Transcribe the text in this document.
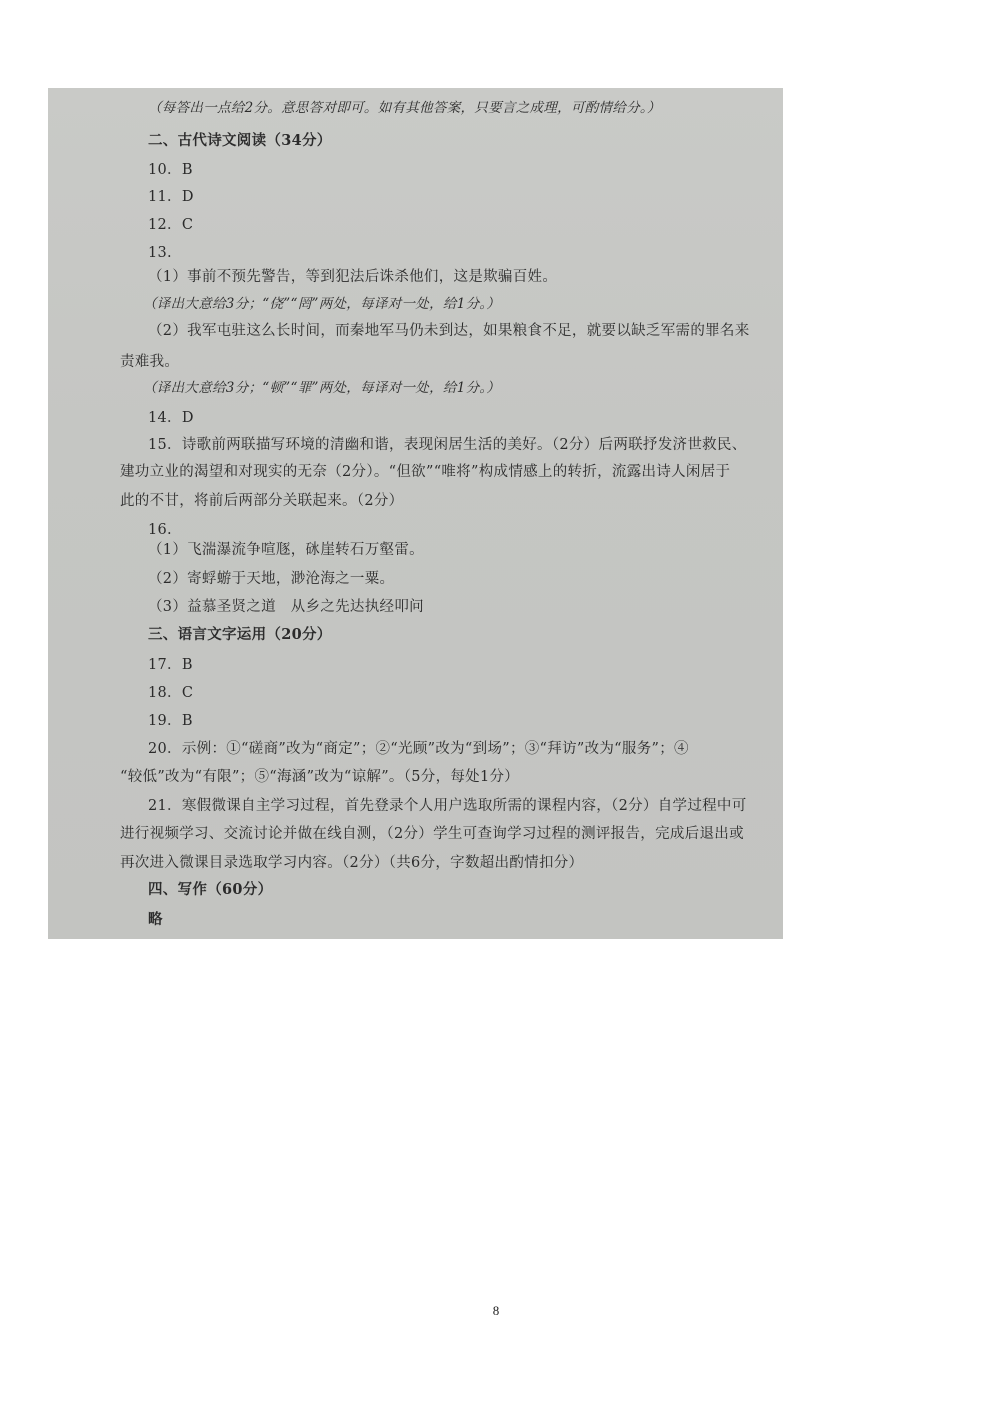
（每答出一点给2分。意思答对即可。如有其他答案，只要言之成理，可酌情给分。）
二、古代诗文阅读（34分）
10．B
11．D
12．C
13.
（1）事前不预先警告，等到犯法后诛杀他们，这是欺骗百姓。
（译出大意给3分；“侥”“罔”两处，每译对一处，给1分。）
（2）我军屯驻这么长时间，而秦地军马仍未到达，如果粮食不足，就要以缺乏军需的罪名来
责难我。
（译出大意给3分；“顿”“罪”两处，每译对一处，给1分。）
14．D
15．诗歌前两联描写环境的清幽和谐，表现闲居生活的美好。（2分）后两联抒发济世救民、
建功立业的渴望和对现实的无奈（2分）。“但欲”“唯将”构成情感上的转折，流露出诗人闲居于
此的不甘，将前后两部分关联起来。（2分）
16.
（1）飞湍瀑流争喧豗，砯崖转石万壑雷。
（2）寄蜉蝣于天地，渺沧海之一粟。
（3）益慕圣贤之道　从乡之先达执经叩问
三、语言文字运用（20分）
17．B
18．C
19．B
20．示例：①“磋商”改为“商定”；②“光顾”改为“到场”；③“拜访”改为“服务”；④
“较低”改为“有限”；⑤“海涵”改为“谅解”。（5分，每处1分）
21．寒假微课自主学习过程，首先登录个人用户选取所需的课程内容，（2分）自学过程中可
进行视频学习、交流讨论并做在线自测，（2分）学生可查询学习过程的测评报告，完成后退出或
再次进入微课目录选取学习内容。（2分）（共6分，字数超出酌情扣分）
四、写作（60分）
略
8
